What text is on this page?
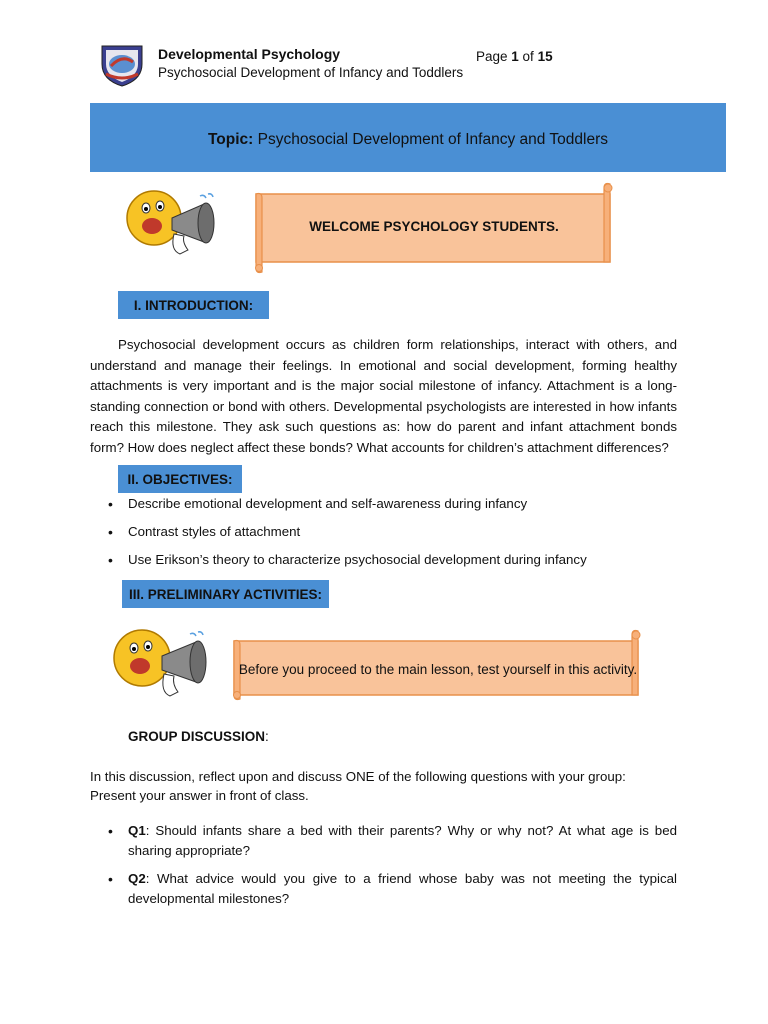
Developmental Psychology
Psychosocial Development of Infancy and Toddlers
Page 1 of 15
Topic: Psychosocial Development of Infancy and Toddlers
WELCOME PSYCHOLOGY STUDENTS.
I. INTRODUCTION:
Psychosocial development occurs as children form relationships, interact with others, and understand and manage their feelings. In emotional and social development, forming healthy attachments is very important and is the major social milestone of infancy. Attachment is a long-standing connection or bond with others. Developmental psychologists are interested in how infants reach this milestone. They ask such questions as: how do parent and infant attachment bonds form? How does neglect affect these bonds? What accounts for children’s attachment differences?
II. OBJECTIVES:
• Describe emotional development and self-awareness during infancy
• Contrast styles of attachment
• Use Erikson’s theory to characterize psychosocial development during infancy
III. PRELIMINARY ACTIVITIES:
Before you proceed to the main lesson, test yourself in this activity.
GROUP DISCUSSION:
In this discussion, reflect upon and discuss ONE of the following questions with your group:
Present your answer in front of class.
• Q1: Should infants share a bed with their parents? Why or why not? At what age is bed sharing appropriate?
• Q2: What advice would you give to a friend whose baby was not meeting the typical developmental milestones?
